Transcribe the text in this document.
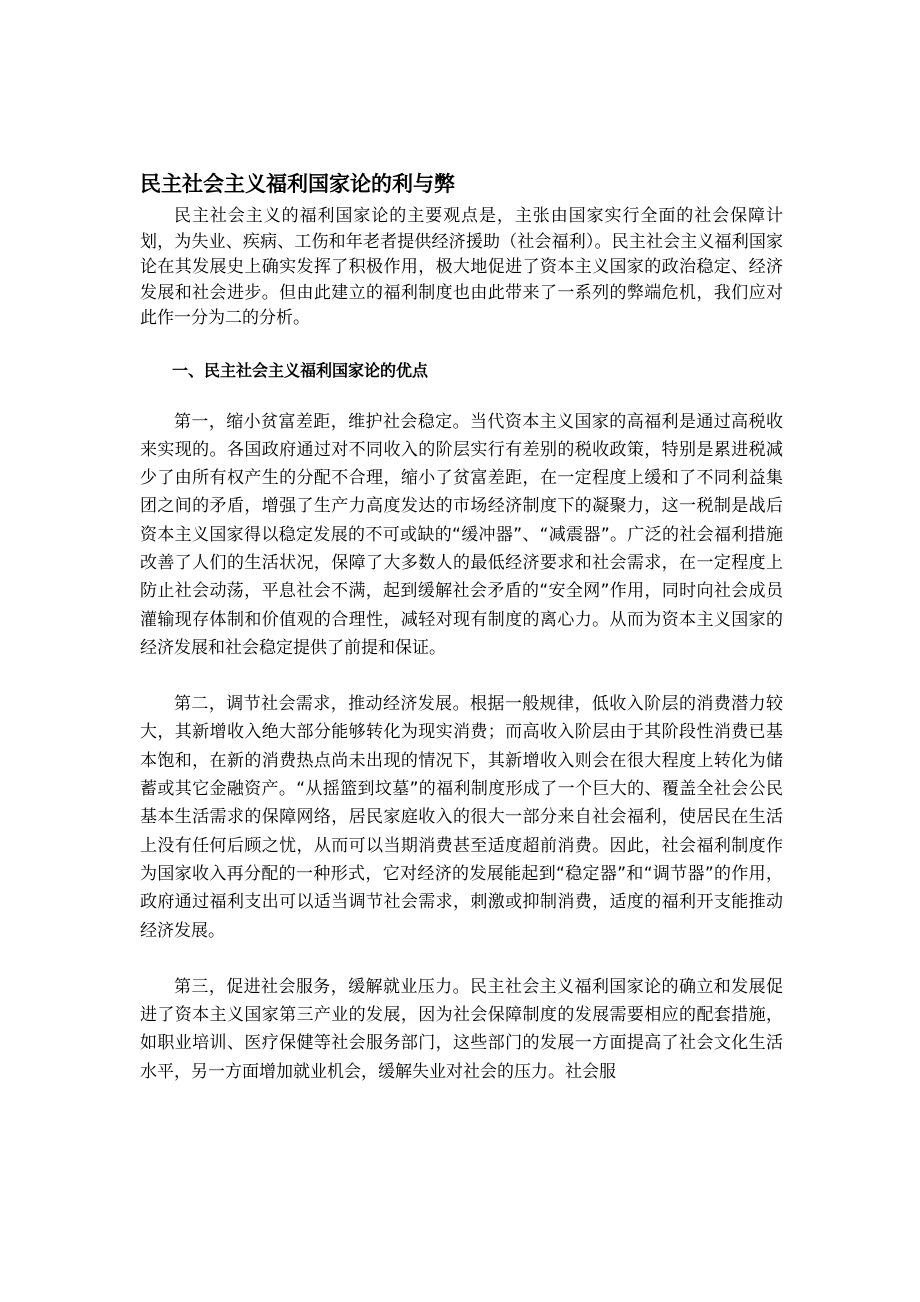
民主社会主义福利国家论的利与弊

民主社会主义的福利国家论的主要观点是，主张由国家实行全面的社会保障计划，为失业、疾病、工伤和年老者提供经济援助（社会福利）。民主社会主义福利国家论在其发展史上确实发挥了积极作用，极大地促进了资本主义国家的政治稳定、经济发展和社会进步。但由此建立的福利制度也由此带来了一系列的弊端危机，我们应对此作一分为二的分析。

一、民主社会主义福利国家论的优点

第一，缩小贫富差距，维护社会稳定。当代资本主义国家的高福利是通过高税收来实现的。各国政府通过对不同收入的阶层实行有差别的税收政策，特别是累进税减少了由所有权产生的分配不合理，缩小了贫富差距，在一定程度上缓和了不同利益集团之间的矛盾，增强了生产力高度发达的市场经济制度下的凝聚力，这一税制是战后资本主义国家得以稳定发展的不可或缺的“缓冲器”、“减震器”。广泛的社会福利措施改善了人们的生活状况，保障了大多数人的最低经济要求和社会需求，在一定程度上防止社会动荡，平息社会不满，起到缓解社会矛盾的“安全网”作用，同时向社会成员灌输现存体制和价值观的合理性，减轻对现有制度的离心力。从而为资本主义国家的经济发展和社会稳定提供了前提和保证。

第二，调节社会需求，推动经济发展。根据一般规律，低收入阶层的消费潜力较大，其新增收入绝大部分能够转化为现实消费；而高收入阶层由于其阶段性消费已基本饱和，在新的消费热点尚未出现的情况下，其新增收入则会在很大程度上转化为储蓄或其它金融资产。“从摇篮到坟墓”的福利制度形成了一个巨大的、覆盖全社会公民基本生活需求的保障网络，居民家庭收入的很大一部分来自社会福利，使居民在生活上没有任何后顾之忧，从而可以当期消费甚至适度超前消费。因此，社会福利制度作为国家收入再分配的一种形式，它对经济的发展能起到“稳定器”和“调节器”的作用，政府通过福利支出可以适当调节社会需求，刺激或抑制消费，适度的福利开支能推动经济发展。

第三，促进社会服务，缓解就业压力。民主社会主义福利国家论的确立和发展促进了资本主义国家第三产业的发展，因为社会保障制度的发展需要相应的配套措施，如职业培训、医疗保健等社会服务部门，这些部门的发展一方面提高了社会文化生活水平，另一方面增加就业机会，缓解失业对社会的压力。社会服
